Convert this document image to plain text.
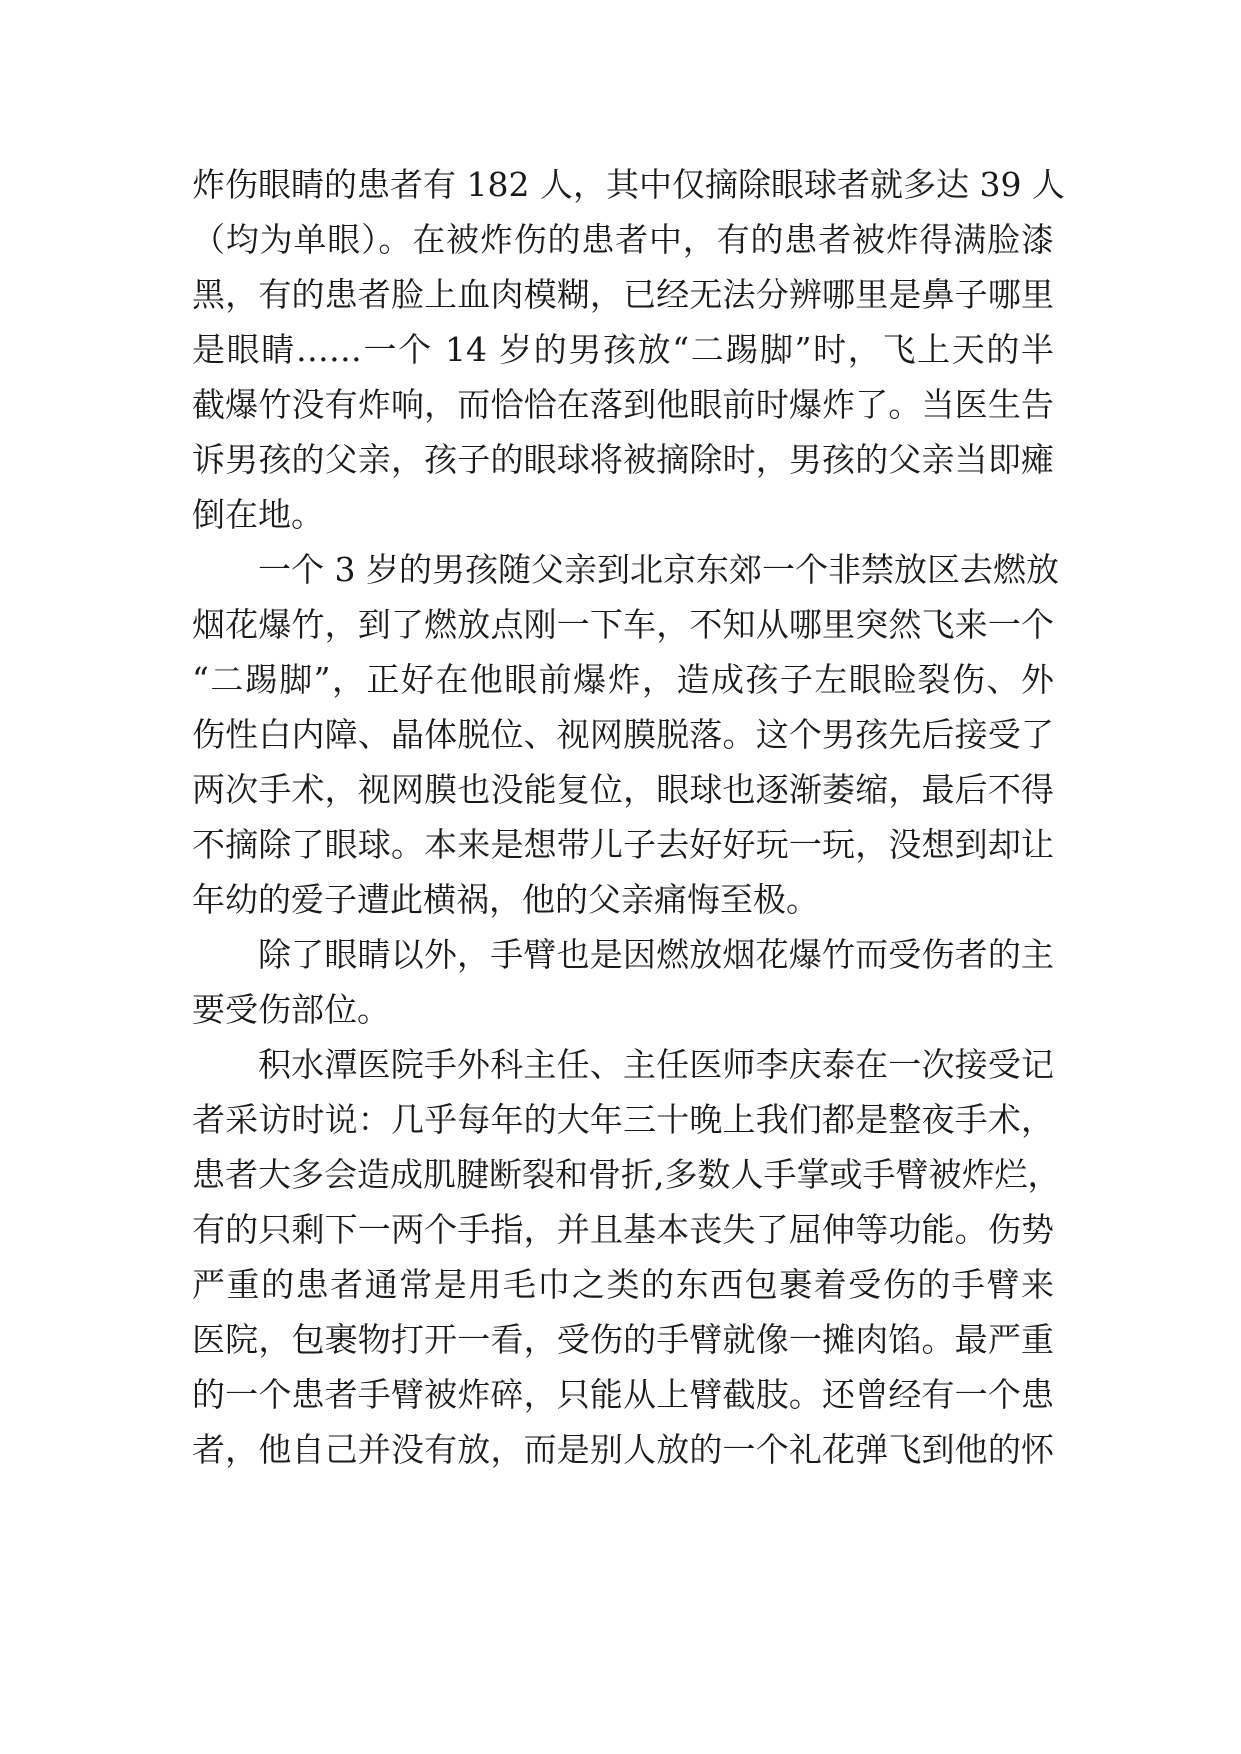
炸伤眼睛的患者有 182 人，其中仅摘除眼球者就多达 39 人
（均为单眼）。在被炸伤的患者中，有的患者被炸得满脸漆
黑，有的患者脸上血肉模糊，已经无法分辨哪里是鼻子哪里
是眼睛……一个 14 岁的男孩放“二踢脚”时，飞上天的半
截爆竹没有炸响，而恰恰在落到他眼前时爆炸了。当医生告
诉男孩的父亲，孩子的眼球将被摘除时，男孩的父亲当即瘫
倒在地。
一个 3 岁的男孩随父亲到北京东郊一个非禁放区去燃放
烟花爆竹，到了燃放点刚一下车，不知从哪里突然飞来一个
“二踢脚”，正好在他眼前爆炸，造成孩子左眼睑裂伤、外
伤性白内障、晶体脱位、视网膜脱落。这个男孩先后接受了
两次手术，视网膜也没能复位，眼球也逐渐萎缩，最后不得
不摘除了眼球。本来是想带儿子去好好玩一玩，没想到却让
年幼的爱子遭此横祸，他的父亲痛悔至极。
除了眼睛以外，手臂也是因燃放烟花爆竹而受伤者的主
要受伤部位。
积水潭医院手外科主任、主任医师李庆泰在一次接受记
者采访时说：几乎每年的大年三十晚上我们都是整夜手术，
患者大多会造成肌腱断裂和骨折,多数人手掌或手臂被炸烂，
有的只剩下一两个手指，并且基本丧失了屈伸等功能。伤势
严重的患者通常是用毛巾之类的东西包裹着受伤的手臂来
医院，包裹物打开一看，受伤的手臂就像一摊肉馅。最严重
的一个患者手臂被炸碎，只能从上臂截肢。还曾经有一个患
者，他自己并没有放，而是别人放的一个礼花弹飞到他的怀
